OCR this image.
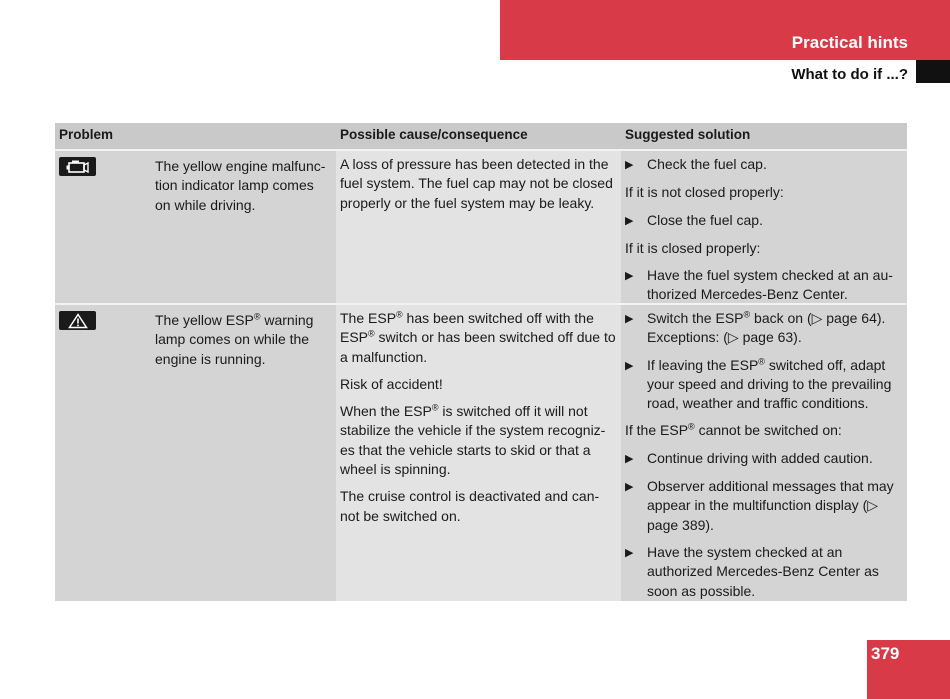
Practical hints
What to do if ...?
Problem	Possible cause/consequence	Suggested solution
The yellow engine malfunc- tion indicator lamp comes on while driving.

A loss of pressure has been detected in the fuel system. The fuel cap may not be closed properly or the fuel system may be leaky.

▶ Check the fuel cap.
If it is not closed properly:
▶ Close the fuel cap.
If it is closed properly:
▶ Have the fuel system checked at an au- thorized Mercedes-Benz Center.
The yellow ESP® warning lamp comes on while the engine is running.

The ESP® has been switched off with the ESP® switch or has been switched off due to a malfunction.

Risk of accident!

When the ESP® is switched off it will not stabilize the vehicle if the system recogniz- es that the vehicle starts to skid or that a wheel is spinning.

The cruise control is deactivated and can- not be switched on.

▶ Switch the ESP® back on (▷ page 64). Exceptions: (▷ page 63).
▶ If leaving the ESP® switched off, adapt your speed and driving to the prevailing road, weather and traffic conditions.
If the ESP® cannot be switched on:
▶ Continue driving with added caution.
▶ Observer additional messages that may appear in the multifunction display (▷ page 389).
▶ Have the system checked at an authorized Mercedes-Benz Center as soon as possible.
379
